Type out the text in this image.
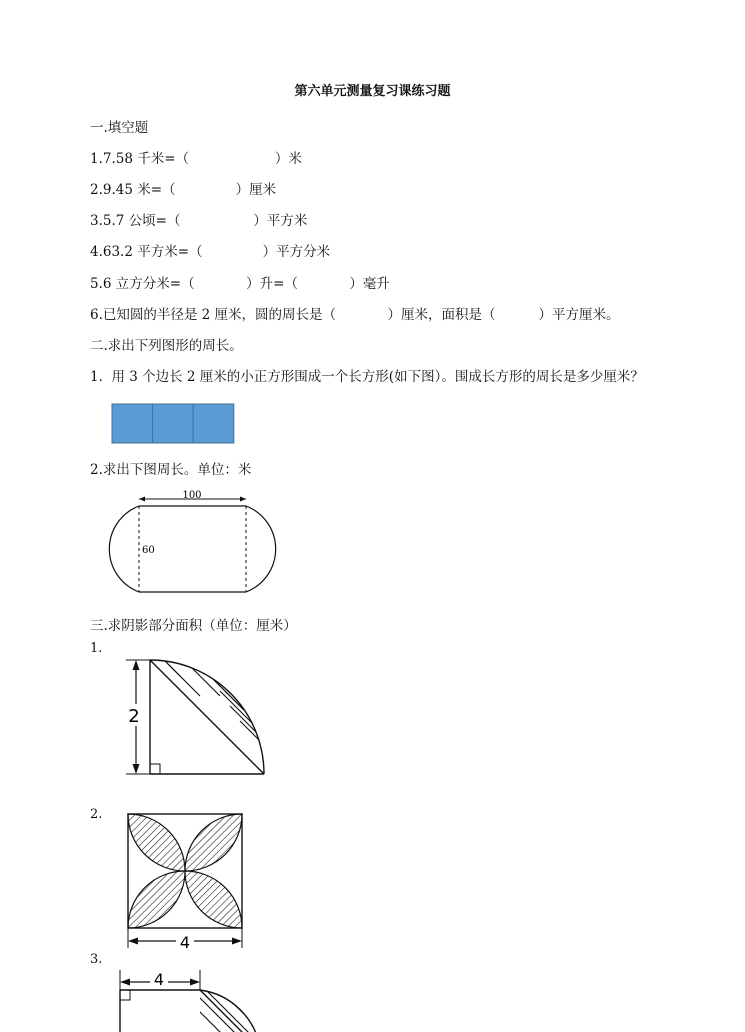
第六单元测量复习课练习题
一.填空题
1.7.58 千米=（                    ）米
2.9.45 米=（              ）厘米
3.5.7 公顷=（                 ）平方米
4.63.2 平方米=（              ）平方分米
5.6 立方分米=（            ）升=（            ）毫升
6.已知圆的半径是 2 厘米，圆的周长是（            ）厘米，面积是（          ）平方厘米。
二.求出下列图形的周长。
1.  用 3 个边长 2 厘米的小正方形围成一个长方形(如下图）。围成长方形的周长是多少厘米？
2.求出下图周长。单位：米
100
60
三.求阴影部分面积（单位：厘米）
1.
2
2.
4
3.
4
